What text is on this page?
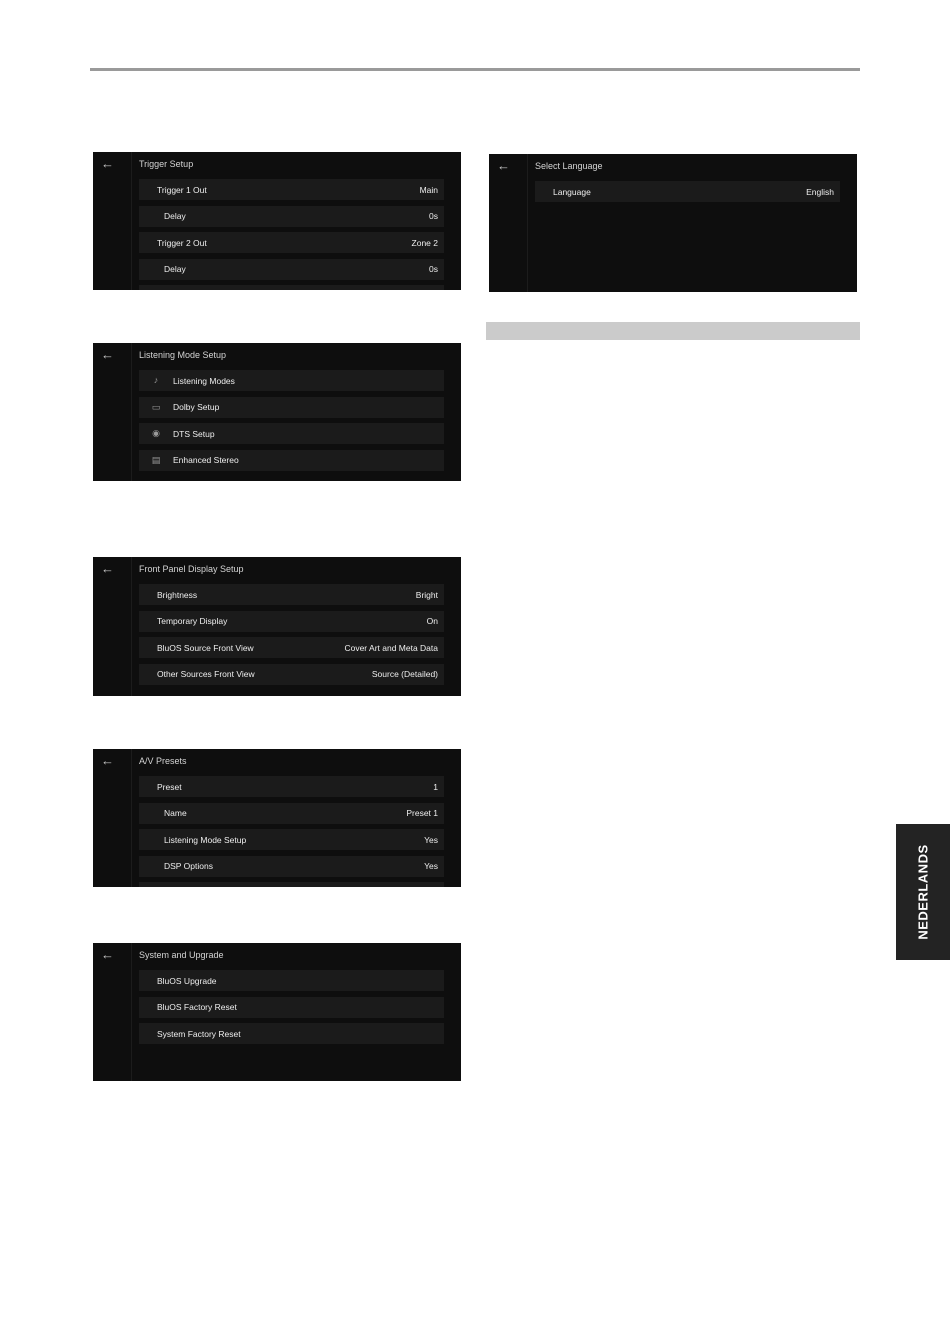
←	Trigger Setup
Trigger 1 Out	Main
Delay	0s
Trigger 2 Out	Zone 2
Delay	0s
←	Select Language
Language	English
←	Listening Mode Setup
♪	Listening Modes
▭	Dolby Setup
◉	DTS Setup
▤	Enhanced Stereo
←	Front Panel Display Setup
Brightness	Bright
Temporary Display	On
BluOS Source Front View	Cover Art and Meta Data
Other Sources Front View	Source (Detailed)
←	A/V Presets
Preset	1
Name	Preset 1
Listening Mode Setup	Yes
DSP Options	Yes
←	System and Upgrade
BluOS Upgrade
BluOS Factory Reset
System Factory Reset
NEDERLANDS
